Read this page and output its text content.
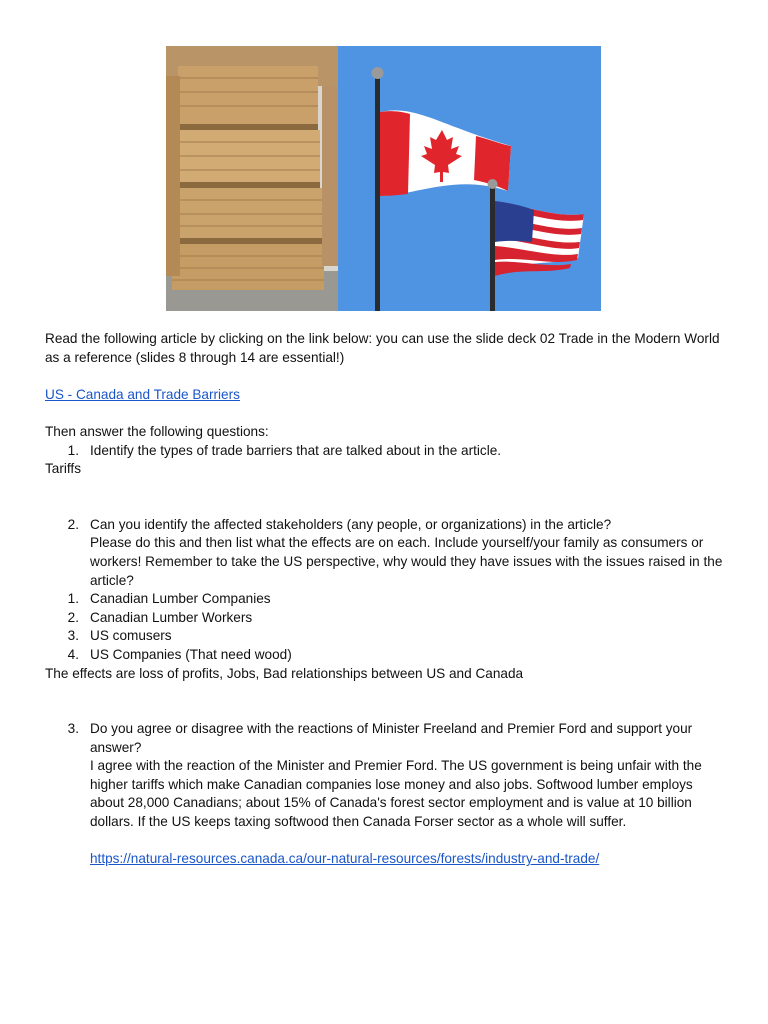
Read the following article by clicking on the link below: you can use the slide deck 02 Trade in the Modern World as a reference (slides 8 through 14 are essential!)

US - Canada and Trade Barriers

Then answer the following questions:

1. Identify the types of trade barriers that are talked about in the article.

Tariffs

2. Can you identify the affected stakeholders (any people, or organizations) in the article?
Please do this and then list what the effects are on each. Include yourself/your family as consumers or workers! Remember to take the US perspective, why would they have issues with the issues raised in the article?
1. Canadian Lumber Companies
2. Canadian Lumber Workers
3. US comusers
4. US Companies (That need wood)

The effects are loss of profits, Jobs, Bad relationships between US and Canada

3. Do you agree or disagree with the reactions of Minister Freeland and Premier Ford and support your answer?
I agree with the reaction of the Minister and Premier Ford. The US government is being unfair with the higher tariffs which make Canadian companies lose money and also jobs. Softwood lumber employs about 28,000 Canadians; about 15% of Canada's forest sector employment and is value at 10 billion dollars. If the US keeps taxing softwood then Canada Forser sector as a whole will suffer.
https://natural-resources.canada.ca/our-natural-resources/forests/industry-and-trade/
